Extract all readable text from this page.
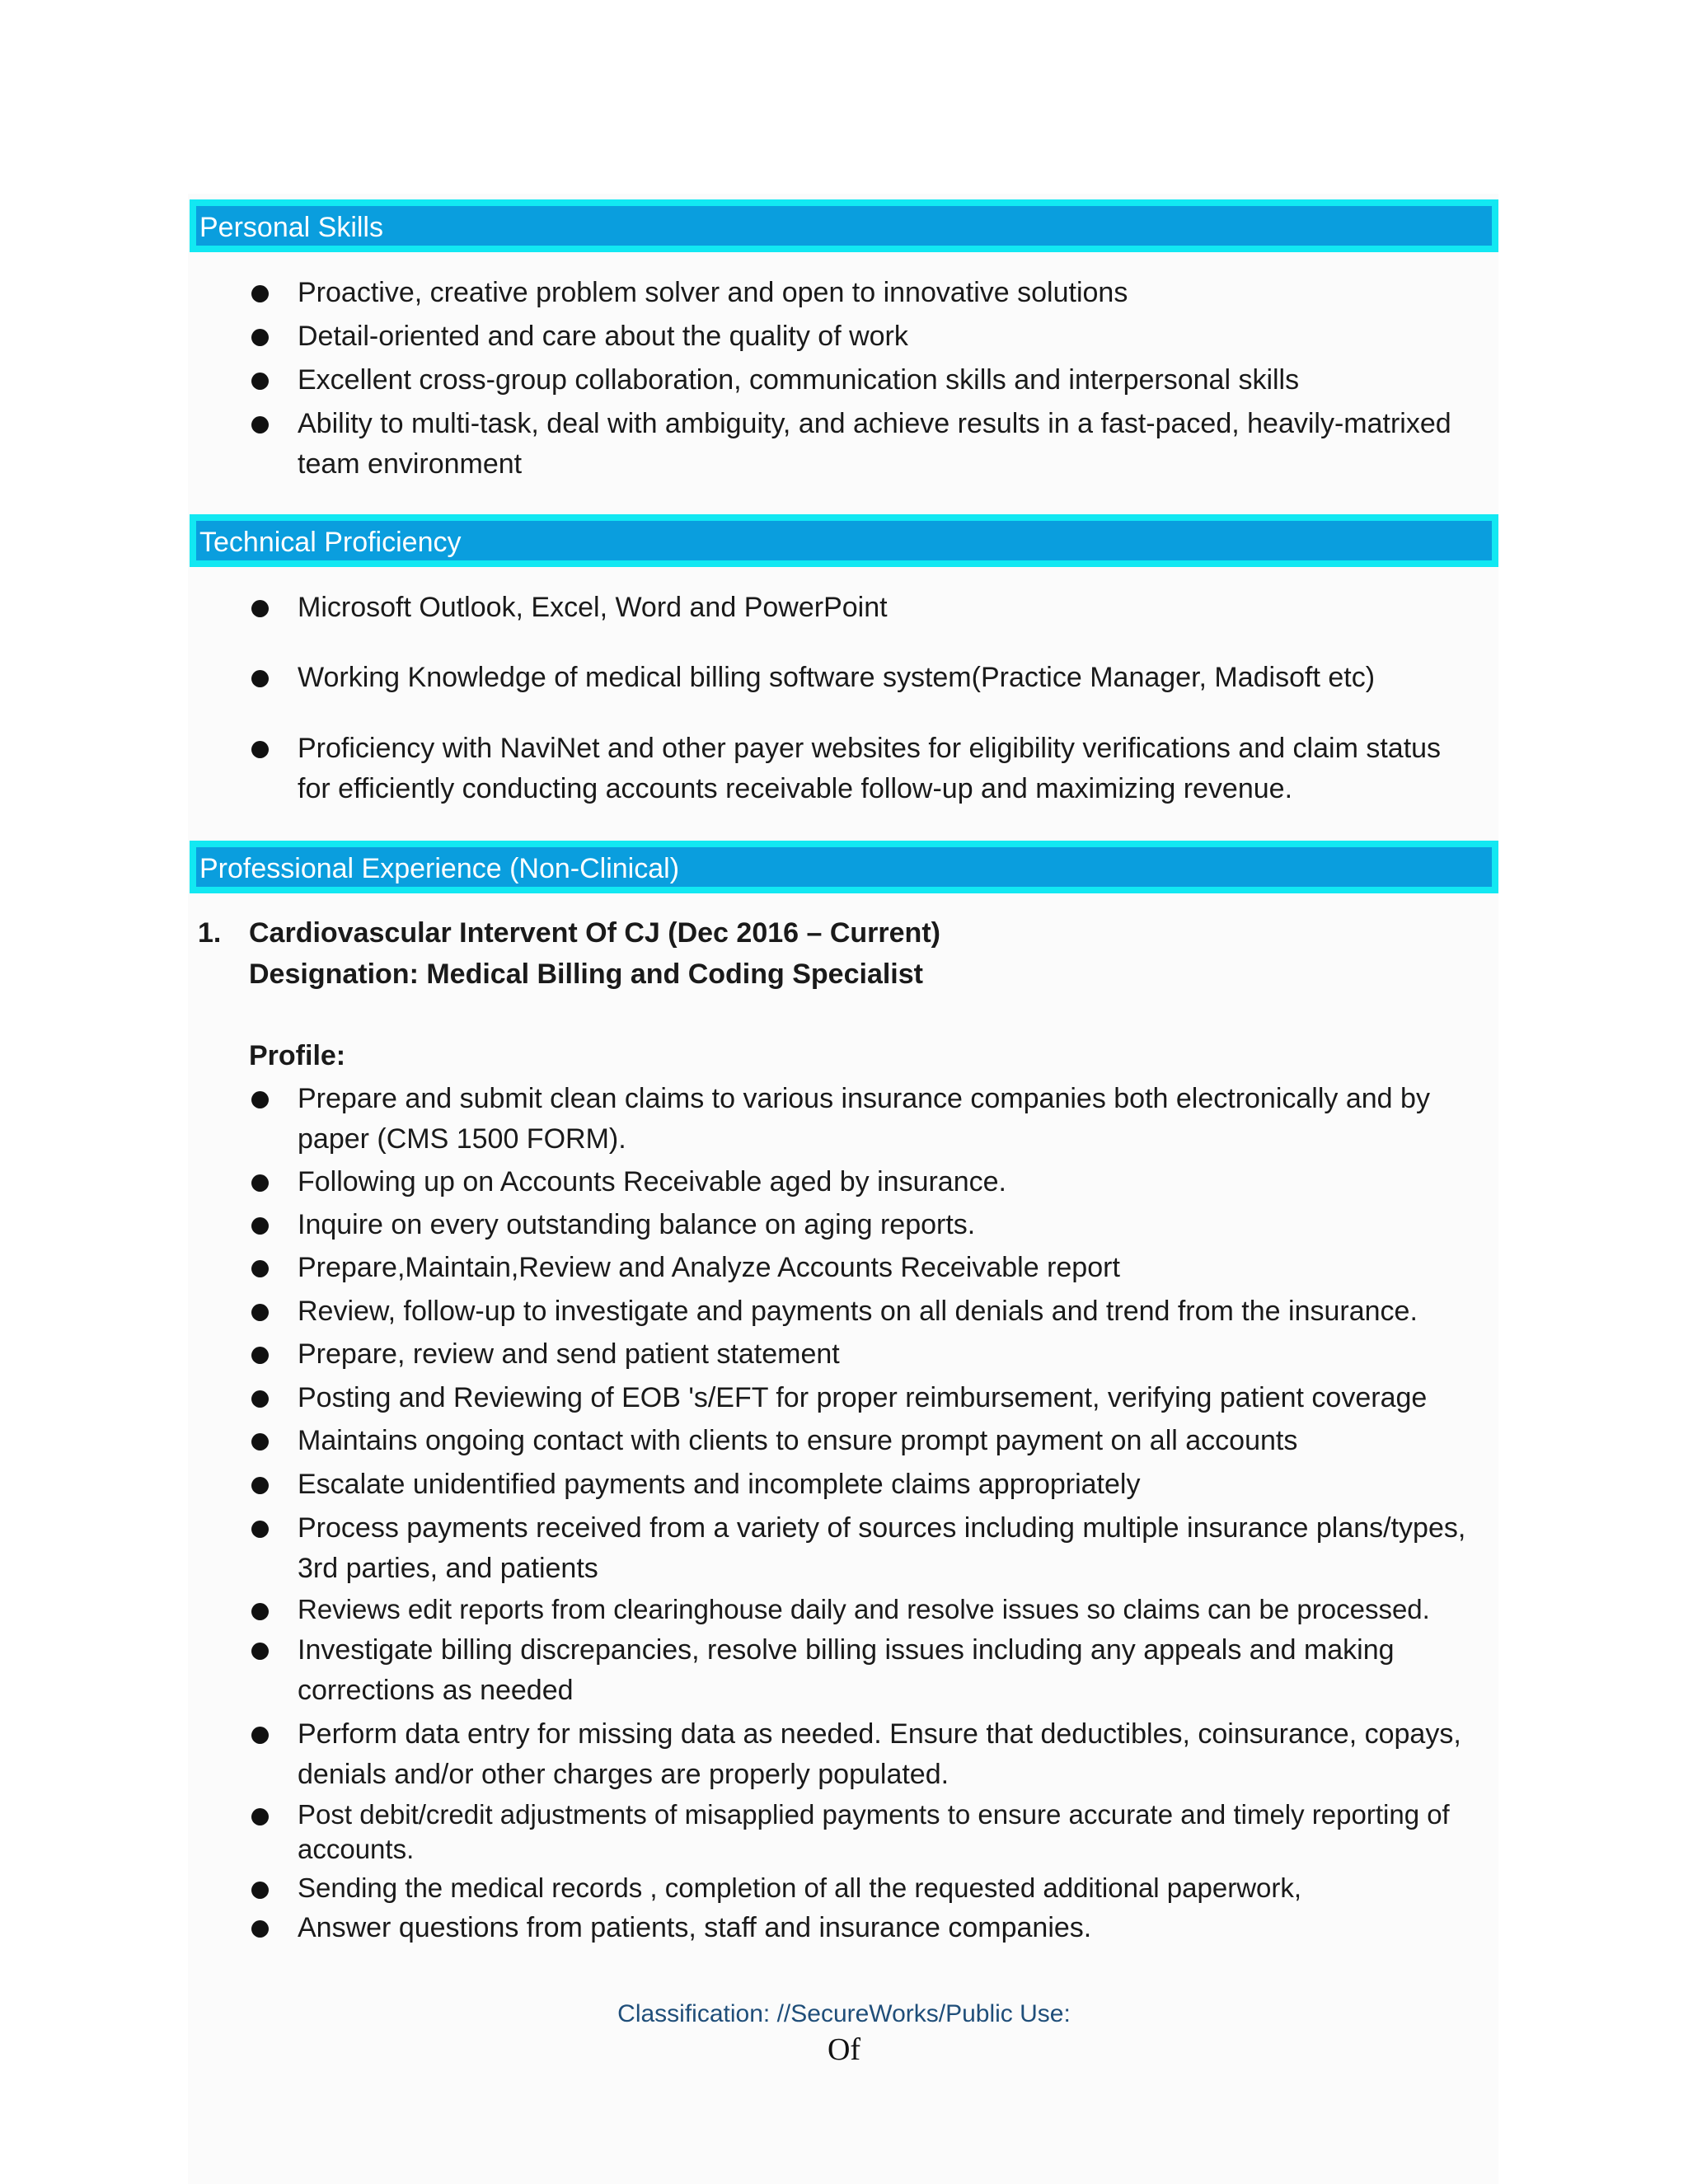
Personal Skills
Proactive, creative problem solver and open to innovative solutions
Detail-oriented and care about the quality of work
Excellent cross-group collaboration, communication skills and interpersonal skills
Ability to multi-task, deal with ambiguity, and achieve results in a fast-paced, heavily-matrixed
team environment
Technical Proficiency
Microsoft Outlook, Excel, Word and PowerPoint
Working Knowledge of medical billing software system(Practice Manager, Madisoft etc)
Proficiency with NaviNet and other payer websites for eligibility verifications and claim status
for efficiently conducting accounts receivable follow-up and maximizing revenue.
Professional Experience (Non-Clinical)
1. Cardiovascular Intervent Of CJ (Dec 2016 – Current)
Designation: Medical Billing and Coding Specialist
Profile:
Prepare and submit clean claims to various insurance companies both electronically and by
paper (CMS 1500 FORM).
Following up on Accounts Receivable aged by insurance.
Inquire on every outstanding balance on aging reports.
Prepare,Maintain,Review and Analyze Accounts Receivable report
Review, follow-up to investigate and payments on all denials and trend from the insurance.
Prepare, review and send patient statement
Posting and Reviewing of EOB 's/EFT for proper reimbursement, verifying patient coverage
Maintains ongoing contact with clients to ensure prompt payment on all accounts
Escalate unidentified payments and incomplete claims appropriately
Process payments received from a variety of sources including multiple insurance plans/types,
3rd parties, and patients
Reviews edit reports from clearinghouse daily and resolve issues so claims can be processed.
Investigate billing discrepancies, resolve billing issues including any appeals and making
corrections as needed
Perform data entry for missing data as needed. Ensure that deductibles, coinsurance, copays,
denials and/or other charges are properly populated.
Post debit/credit adjustments of misapplied payments to ensure accurate and timely reporting of
accounts.
Sending the medical records , completion of all the requested additional paperwork,
Answer questions from patients, staff and insurance companies.
Classification: //SecureWorks/Public Use:
Of
